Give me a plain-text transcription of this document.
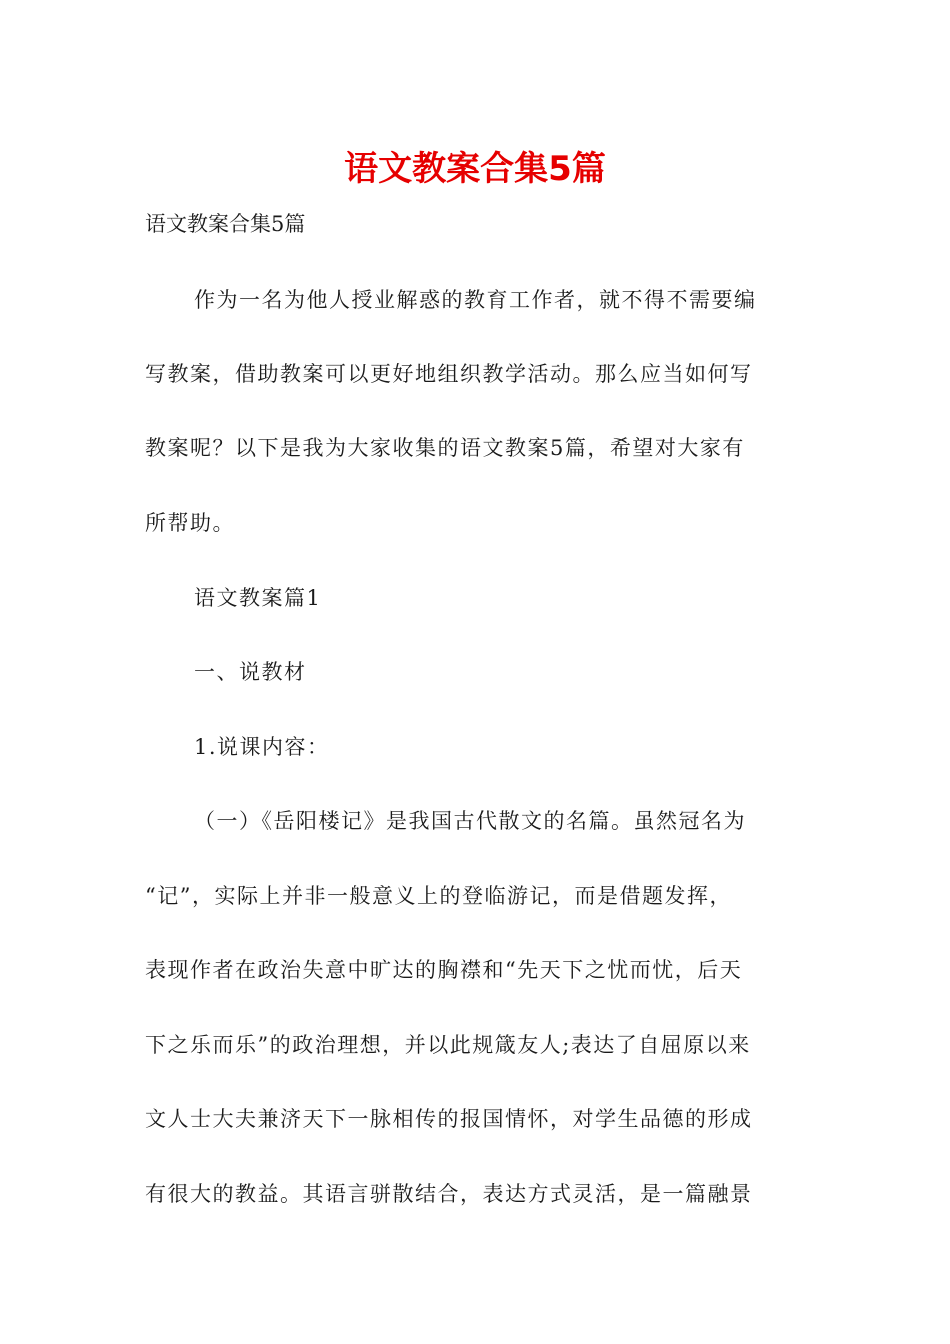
语文教案合集5篇

语文教案合集5篇

作为一名为他人授业解惑的教育工作者，就不得不需要编

写教案，借助教案可以更好地组织教学活动。那么应当如何写

教案呢？以下是我为大家收集的语文教案5篇，希望对大家有

所帮助。

语文教案篇1

一、说教材

1.说课内容：

（一）《岳阳楼记》是我国古代散文的名篇。虽然冠名为

“记”，实际上并非一般意义上的登临游记，而是借题发挥，

表现作者在政治失意中旷达的胸襟和“先天下之忧而忧，后天

下之乐而乐”的政治理想，并以此规箴友人;表达了自屈原以来

文人士大夫兼济天下一脉相传的报国情怀，对学生品德的形成

有很大的教益。其语言骈散结合，表达方式灵活，是一篇融景
